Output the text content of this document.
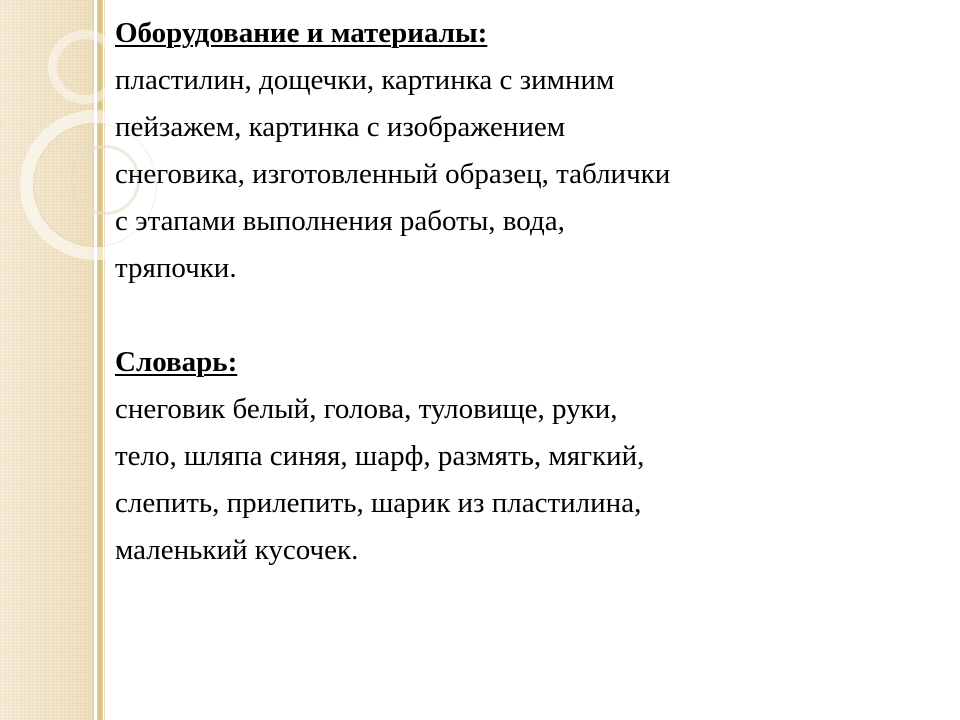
Оборудование и материалы:
пластилин, дощечки, картинка с зимним
пейзажем, картинка с изображением
снеговика, изготовленный образец, таблички
с этапами выполнения работы, вода,
тряпочки.
Словарь:
снеговик белый, голова, туловище, руки,
тело, шляпа синяя, шарф, размять, мягкий,
слепить, прилепить, шарик из пластилина,
маленький кусочек.
